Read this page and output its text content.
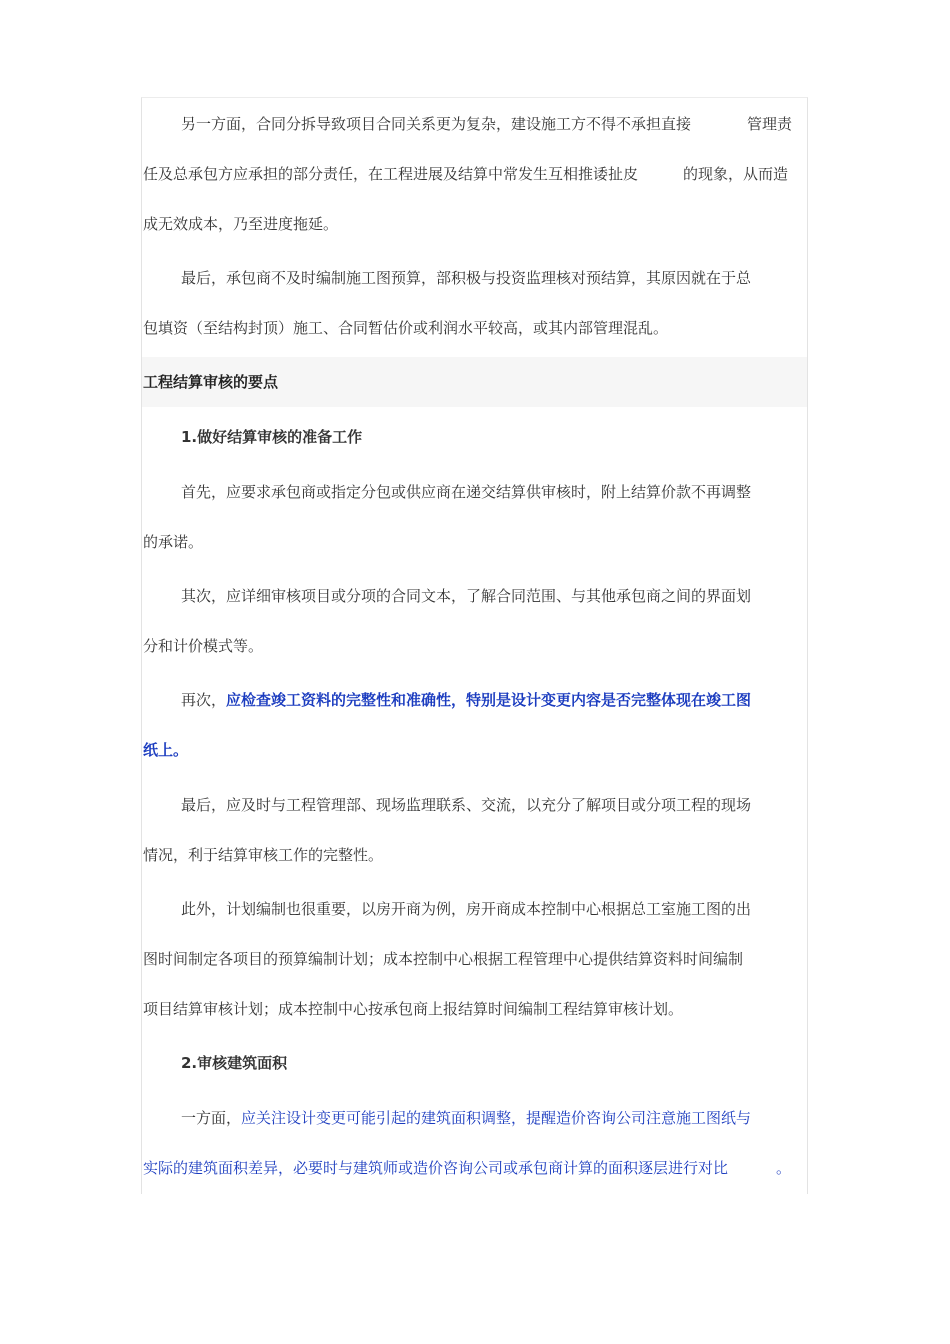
另一方面，合同分拆导致项目合同关系更为复杂，建设施工方不得不承担直接	管理责
任及总承包方应承担的部分责任，在工程进展及结算中常发生互相推诿扯皮	的现象，从而造
成无效成本，乃至进度拖延。
最后，承包商不及时编制施工图预算，部积极与投资监理核对预结算，其原因就在于总
包填资（至结构封顶）施工、合同暂估价或利润水平较高，或其内部管理混乱。
工程结算审核的要点
1.做好结算审核的准备工作
首先，应要求承包商或指定分包或供应商在递交结算供审核时，附上结算价款不再调整
的承诺。
其次，应详细审核项目或分项的合同文本，了解合同范围、与其他承包商之间的界面划
分和计价模式等。
再次，应检查竣工资料的完整性和准确性，特别是设计变更内容是否完整体现在竣工图
纸上。
最后，应及时与工程管理部、现场监理联系、交流，以充分了解项目或分项工程的现场
情况，利于结算审核工作的完整性。
此外，计划编制也很重要，以房开商为例，房开商成本控制中心根据总工室施工图的出
图时间制定各项目的预算编制计划；成本控制中心根据工程管理中心提供结算资料时间编制
项目结算审核计划；成本控制中心按承包商上报结算时间编制工程结算审核计划。
2.审核建筑面积
一方面，应关注设计变更可能引起的建筑面积调整，提醒造价咨询公司注意施工图纸与
实际的建筑面积差异，必要时与建筑师或造价咨询公司或承包商计算的面积逐层进行对比	。
